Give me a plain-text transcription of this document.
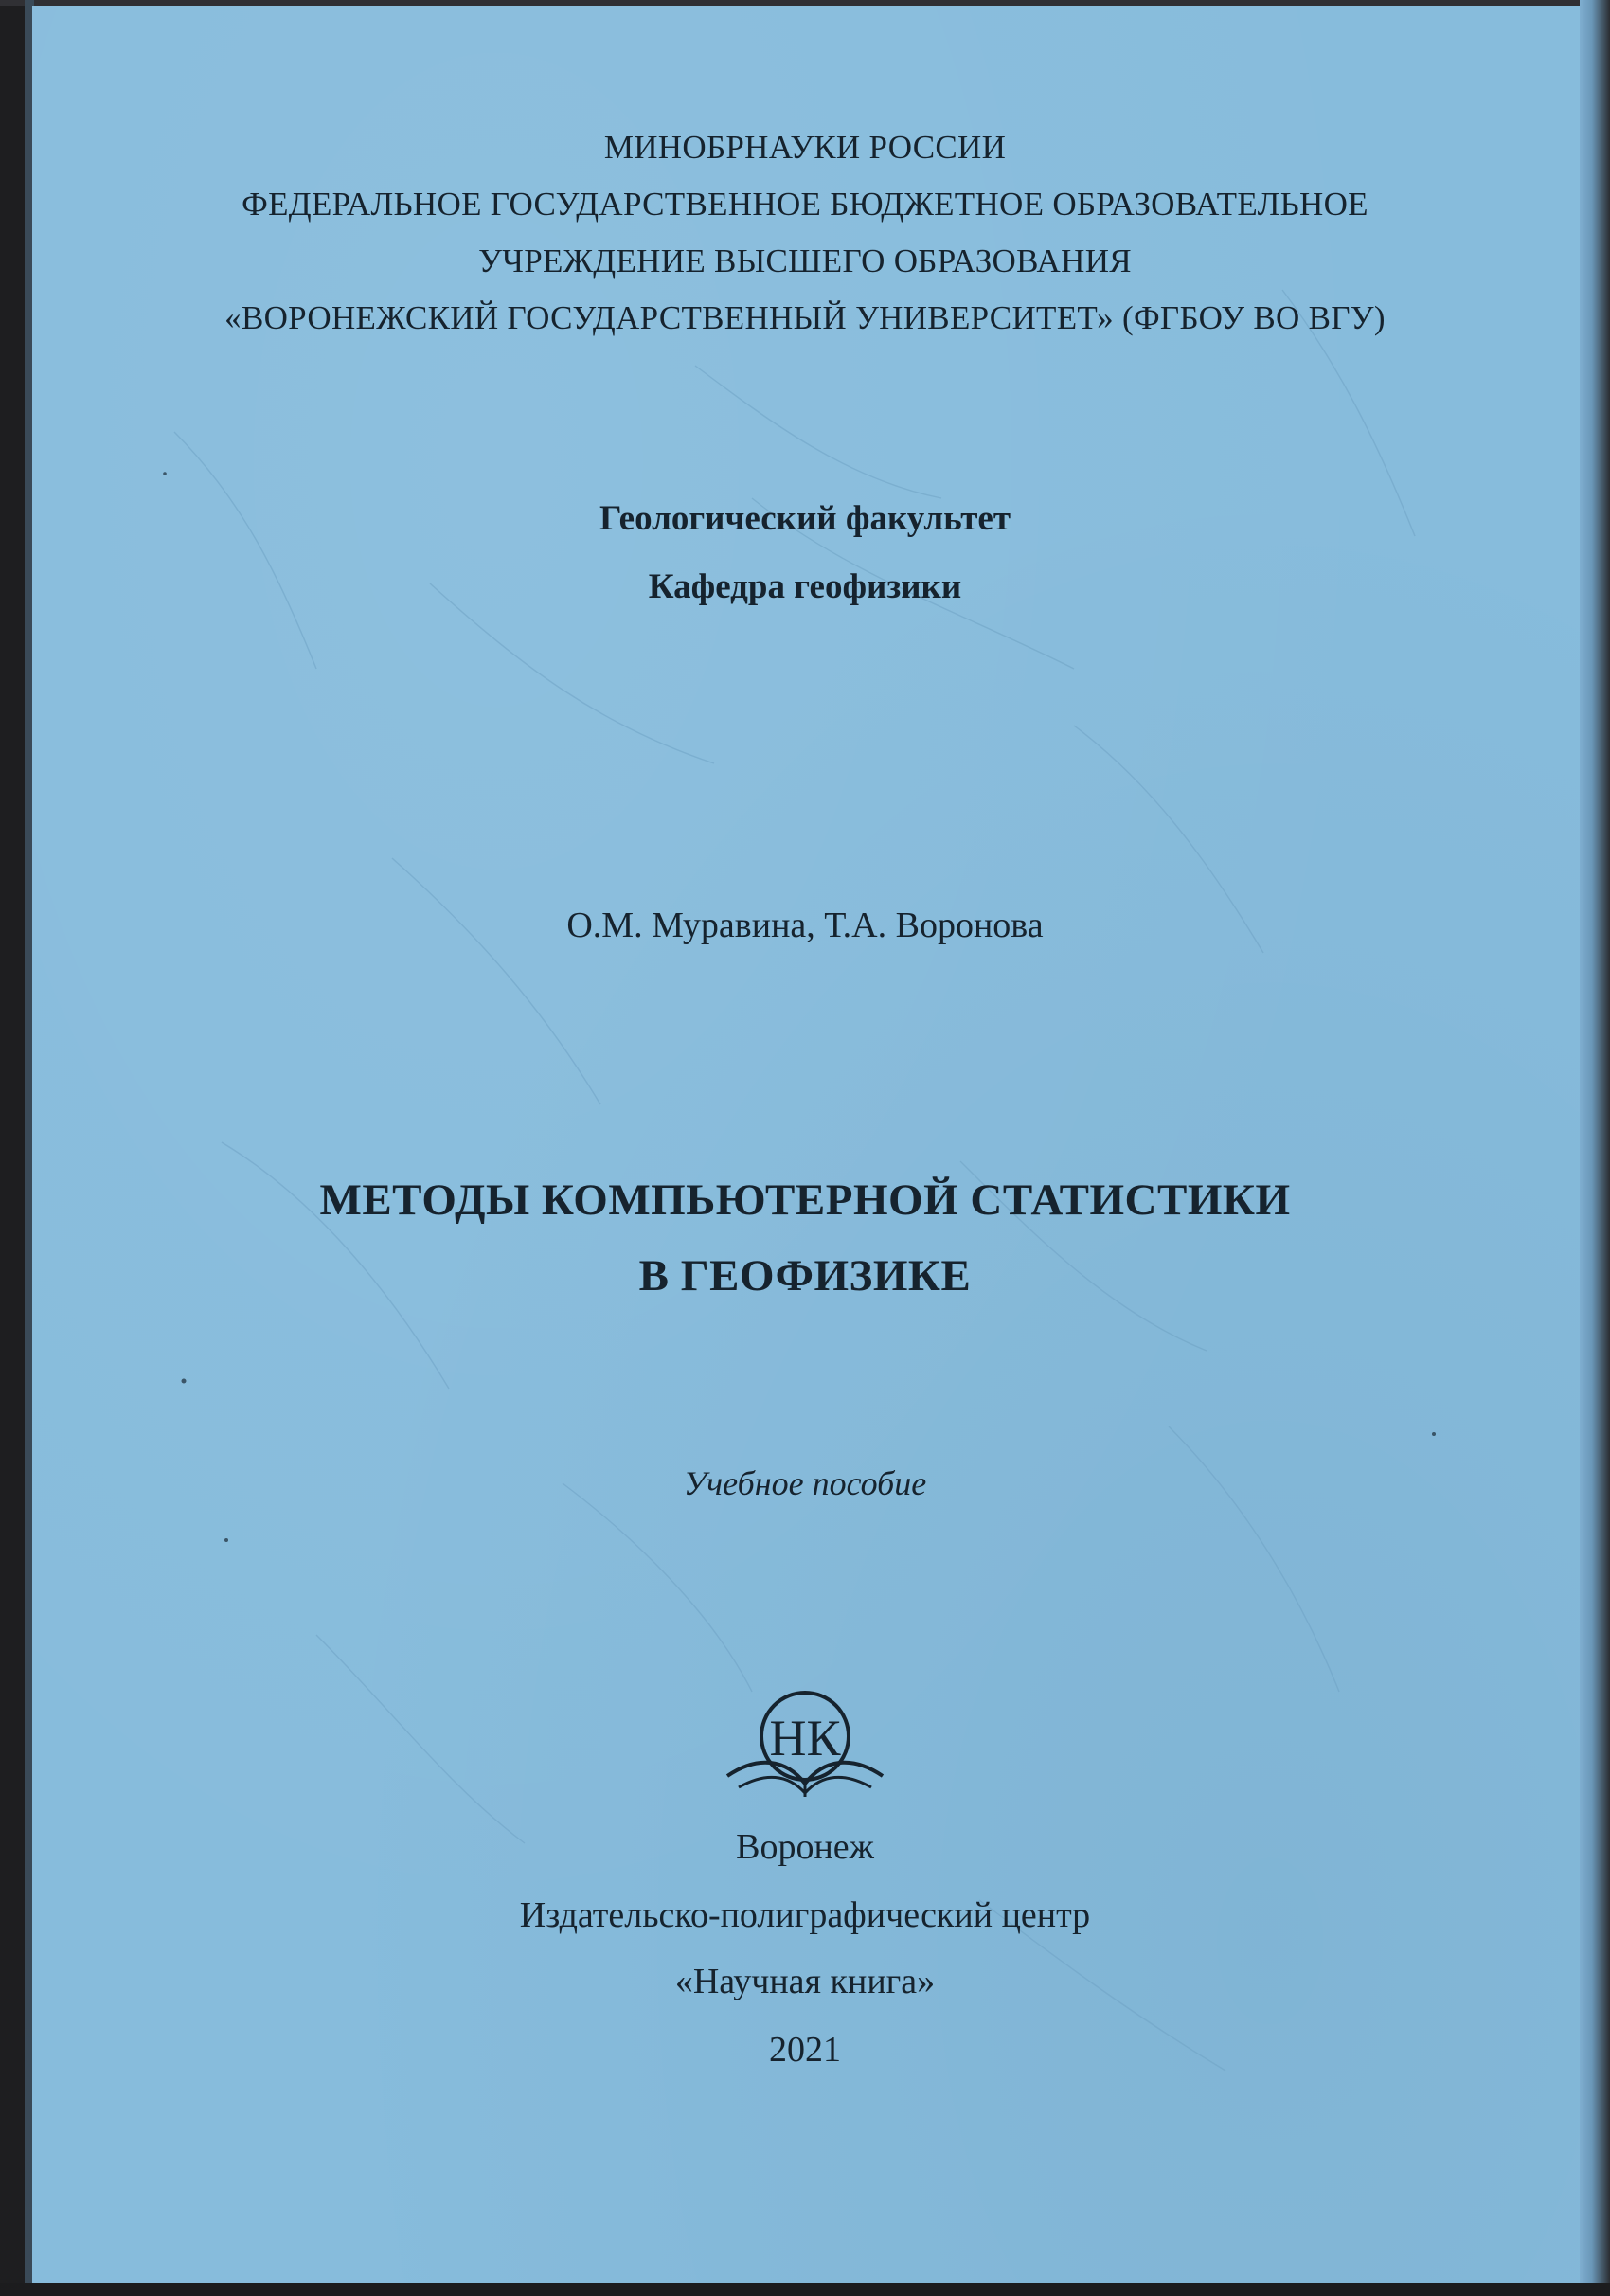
МИНОБРНАУКИ РОССИИ
ФЕДЕРАЛЬНОЕ ГОСУДАРСТВЕННОЕ БЮДЖЕТНОЕ ОБРАЗОВАТЕЛЬНОЕ
УЧРЕЖДЕНИЕ ВЫСШЕГО ОБРАЗОВАНИЯ
«ВОРОНЕЖСКИЙ ГОСУДАРСТВЕННЫЙ УНИВЕРСИТЕТ» (ФГБОУ ВО ВГУ)
Геологический факультет
Кафедра геофизики
О.М. Муравина, Т.А. Воронова
МЕТОДЫ КОМПЬЮТЕРНОЙ СТАТИСТИКИ
В ГЕОФИЗИКЕ
Учебное пособие
НК
Воронеж
Издательско-полиграфический центр
«Научная книга»
2021
